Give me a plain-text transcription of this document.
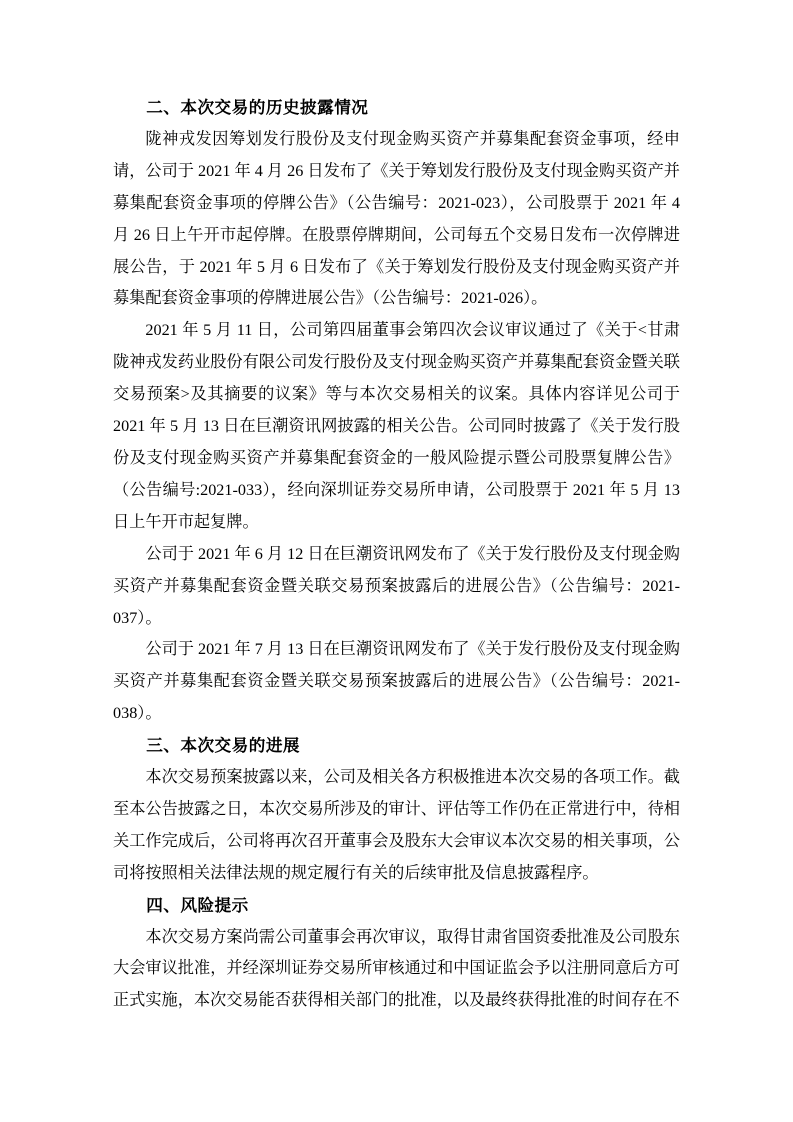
二、本次交易的历史披露情况

陇神戎发因筹划发行股份及支付现金购买资产并募集配套资金事项，经申请，公司于 2021 年 4 月 26 日发布了《关于筹划发行股份及支付现金购买资产并募集配套资金事项的停牌公告》（公告编号：2021-023），公司股票于 2021 年 4 月 26 日上午开市起停牌。在股票停牌期间，公司每五个交易日发布一次停牌进展公告，于 2021 年 5 月 6 日发布了《关于筹划发行股份及支付现金购买资产并募集配套资金事项的停牌进展公告》（公告编号：2021-026）。

2021 年 5 月 11 日，公司第四届董事会第四次会议审议通过了《关于<甘肃陇神戎发药业股份有限公司发行股份及支付现金购买资产并募集配套资金暨关联交易预案>及其摘要的议案》等与本次交易相关的议案。具体内容详见公司于 2021 年 5 月 13 日在巨潮资讯网披露的相关公告。公司同时披露了《关于发行股份及支付现金购买资产并募集配套资金的一般风险提示暨公司股票复牌公告》（公告编号:2021-033），经向深圳证券交易所申请，公司股票于 2021 年 5 月 13 日上午开市起复牌。

公司于 2021 年 6 月 12 日在巨潮资讯网发布了《关于发行股份及支付现金购买资产并募集配套资金暨关联交易预案披露后的进展公告》（公告编号：2021-037）。

公司于 2021 年 7 月 13 日在巨潮资讯网发布了《关于发行股份及支付现金购买资产并募集配套资金暨关联交易预案披露后的进展公告》（公告编号：2021-038）。

三、本次交易的进展

本次交易预案披露以来，公司及相关各方积极推进本次交易的各项工作。截至本公告披露之日，本次交易所涉及的审计、评估等工作仍在正常进行中，待相关工作完成后，公司将再次召开董事会及股东大会审议本次交易的相关事项，公司将按照相关法律法规的规定履行有关的后续审批及信息披露程序。

四、风险提示

本次交易方案尚需公司董事会再次审议，取得甘肃省国资委批准及公司股东大会审议批准，并经深圳证券交易所审核通过和中国证监会予以注册同意后方可正式实施，本次交易能否获得相关部门的批准，以及最终获得批准的时间存在不
